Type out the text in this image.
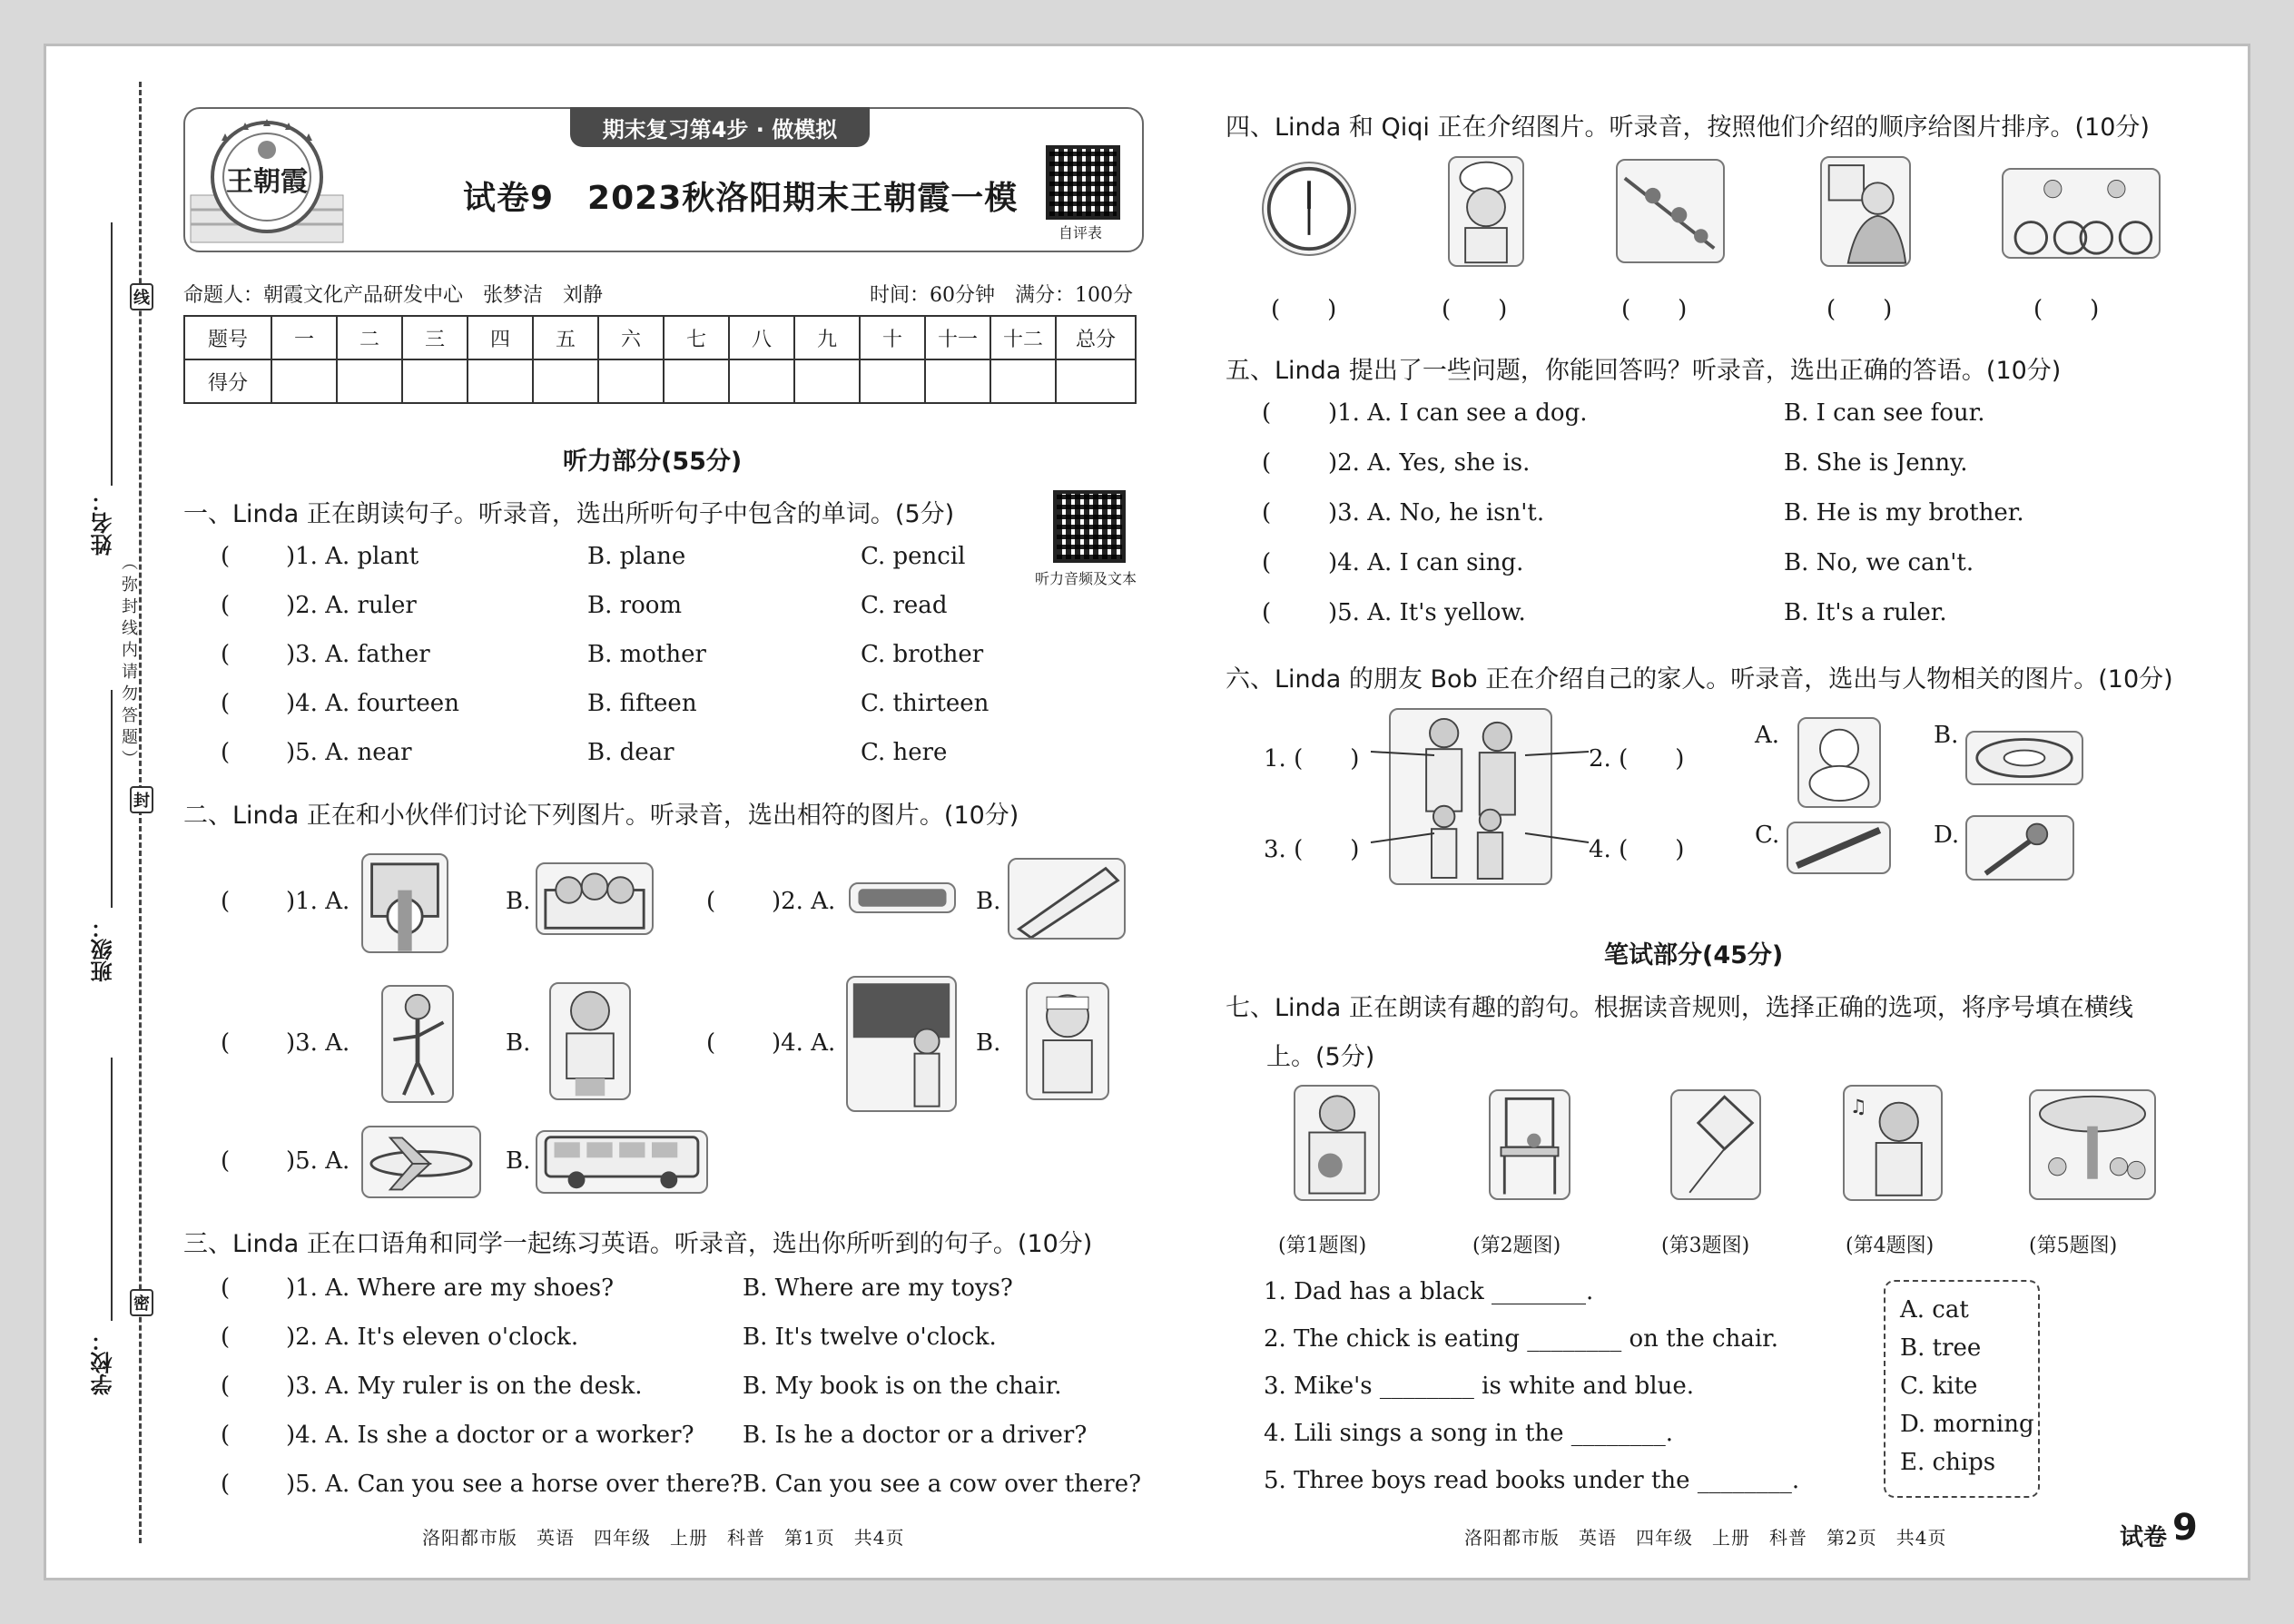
线
封
密
姓名：
班级：
学校：
（弥封线内请勿答题）
王朝霞
期末复习第4步 · 做模拟
试卷9　2023秋洛阳期末王朝霞一模
自评表
命题人：朝霞文化产品研发中心　张梦洁　刘静	时间：60分钟　满分：100分
题号	一	二	三	四	五	六	七	八	九	十	十一	十二	总分
得分													
听力部分(55分)
一、Linda 正在朗读句子。听录音，选出所听句子中包含的单词。(5分)
听力音频及文本
( )1. A. plant	B. plane	C. pencil
( )2. A. ruler	B. room	C. read
( )3. A. father	B. mother	C. brother
( )4. A. fourteen	B. fifteen	C. thirteen
( )5. A. near	B. dear	C. here
二、Linda 正在和小伙伴们讨论下列图片。听录音，选出相符的图片。(10分)
( )1. A.	B.	( )2. A.	B.
( )3. A.	B.	( )4. A.	B.
( )5. A.	B.
三、Linda 正在口语角和同学一起练习英语。听录音，选出你所听到的句子。(10分)
( )1. A. Where are my shoes?	B. Where are my toys?
( )2. A. It's eleven o'clock.	B. It's twelve o'clock.
( )3. A. My ruler is on the desk.	B. My book is on the chair.
( )4. A. Is she a doctor or a worker? B. Is he a doctor or a driver?
( )5. A. Can you see a horse over there? B. Can you see a cow over there?
洛阳都市版　英语　四年级　上册　科普　第1页　共4页
四、Linda 和 Qiqi 正在介绍图片。听录音，按照他们介绍的顺序给图片排序。(10分)
(　　)	(　　)	(　　)	(　　)	(　　)
五、Linda 提出了一些问题，你能回答吗？听录音，选出正确的答语。(10分)
( )1. A. I can see a dog.	B. I can see four.
( )2. A. Yes, she is.	B. She is Jenny.
( )3. A. No, he isn't.	B. He is my brother.
( )4. A. I can sing.	B. No, we can't.
( )5. A. It's yellow.	B. It's a ruler.
六、Linda 的朋友 Bob 正在介绍自己的家人。听录音，选出与人物相关的图片。(10分)
1. (　　)	2. (　　)
3. (　　)	4. (　　)
A.	B.
C.	D.
笔试部分(45分)
七、Linda 正在朗读有趣的韵句。根据读音规则，选择正确的选项，将序号填在横线
上。(5分)
♫
(第1题图)	(第2题图)	(第3题图)	(第4题图)	(第5题图)
1. Dad has a black ________.
2. The chick is eating ________ on the chair.
3. Mike's ________ is white and blue.
4. Lili sings a song in the ________.
5. Three boys read books under the ________.
A. cat
B. tree
C. kite
D. morning
E. chips
洛阳都市版　英语　四年级　上册　科普　第2页　共4页	试卷 9
